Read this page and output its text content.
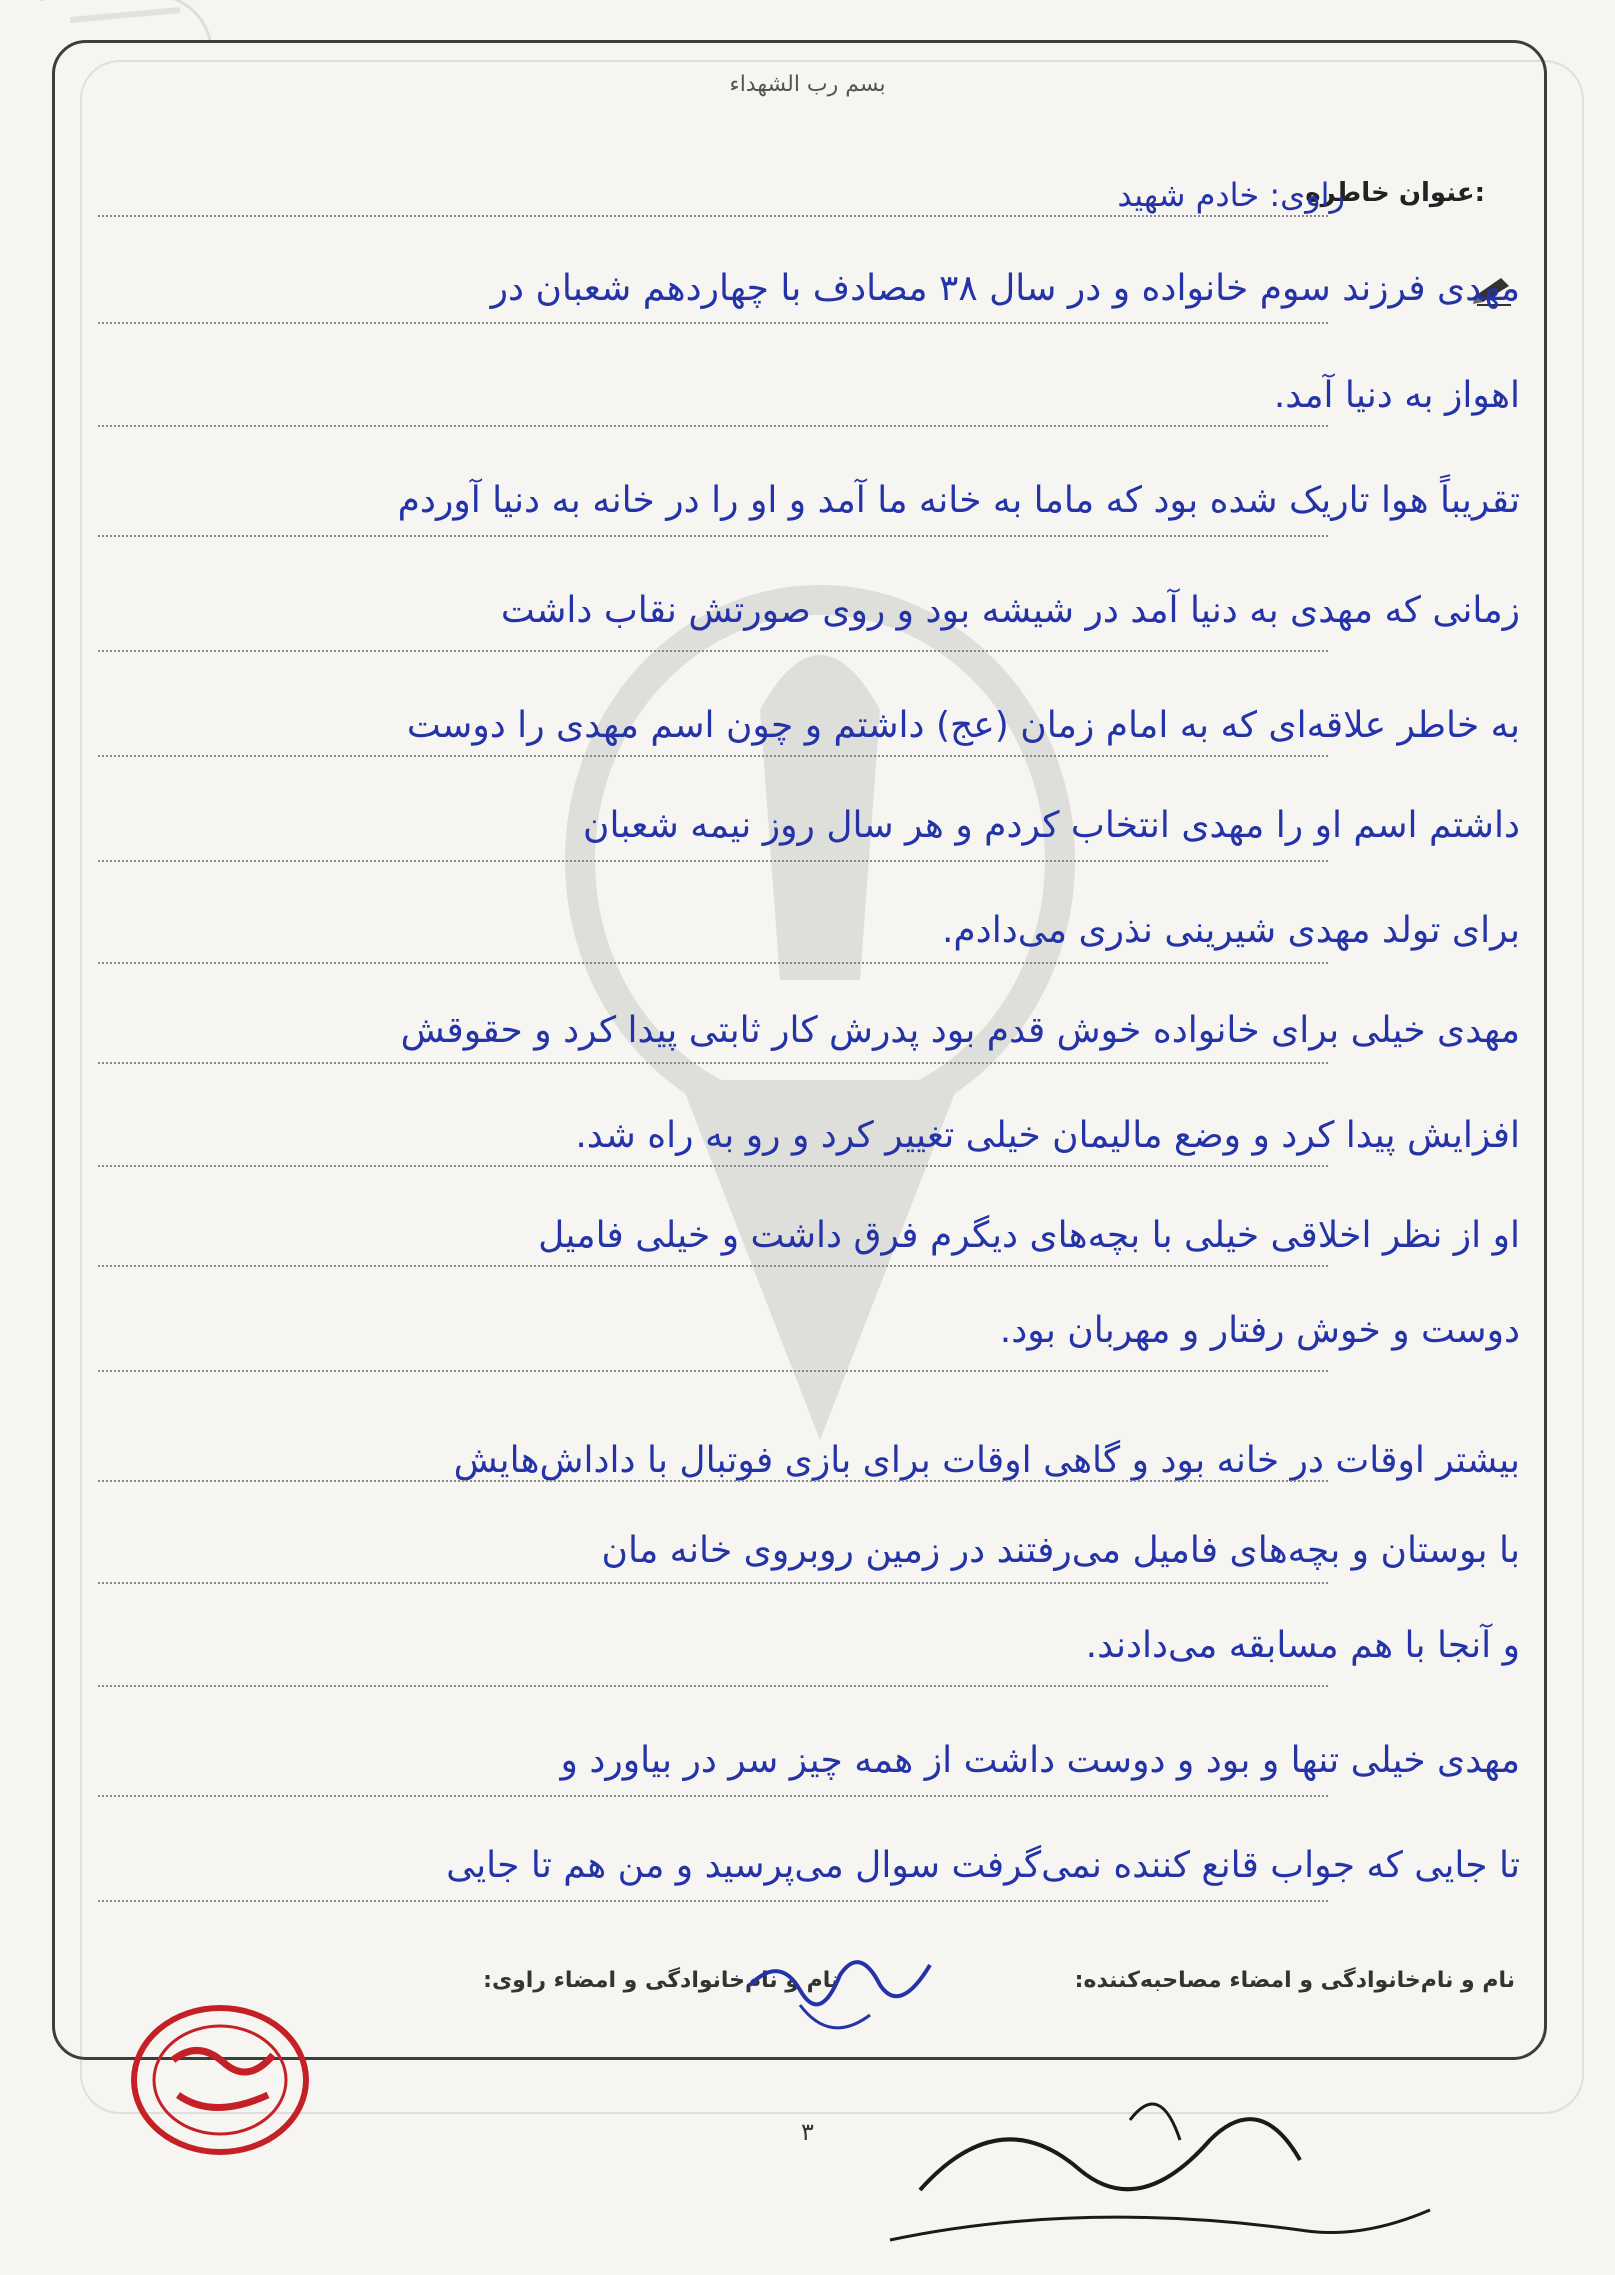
بسم رب الشهداء
عنوان خاطره:
راوی: خادم شهید
مهدی فرزند سوم خانواده و در سال ۳۸ مصادف با چهاردهم شعبان در
اهواز به دنیا آمد.
تقریباً هوا تاریک شده بود که ماما به خانه ما آمد و او را در خانه به دنیا آوردم
زمانی که مهدی به دنیا آمد در شیشه بود و روی صورتش نقاب داشت
به خاطر علاقه‌ای که به امام زمان (عج) داشتم و چون اسم مهدی را دوست
داشتم اسم او را مهدی انتخاب کردم و هر سال روز نیمه شعبان
برای تولد مهدی شیرینی نذری می‌دادم.
مهدی خیلی برای خانواده خوش قدم بود پدرش کار ثابتی پیدا کرد و حقوقش
افزایش پیدا کرد و وضع مالیمان خیلی تغییر کرد و رو به راه شد.
او از نظر اخلاقی خیلی با بچه‌های دیگرم فرق داشت و خیلی فامیل
دوست و خوش رفتار و مهربان بود.
بیشتر اوقات در خانه بود و گاهی اوقات برای بازی فوتبال با داداش‌هایش
با بوستان و بچه‌های فامیل می‌رفتند در زمین روبروی خانه مان
و آنجا با هم مسابقه می‌دادند.
مهدی خیلی تنها و بود و دوست داشت از همه چیز سر در بیاورد و
تا جایی که جواب قانع کننده نمی‌گرفت سوال می‌پرسید و من هم تا جایی
نام و نام‌خانوادگی و امضاء مصاحبه‌کننده:  نام و نام‌خانوادگی و امضاء راوی:
۳
